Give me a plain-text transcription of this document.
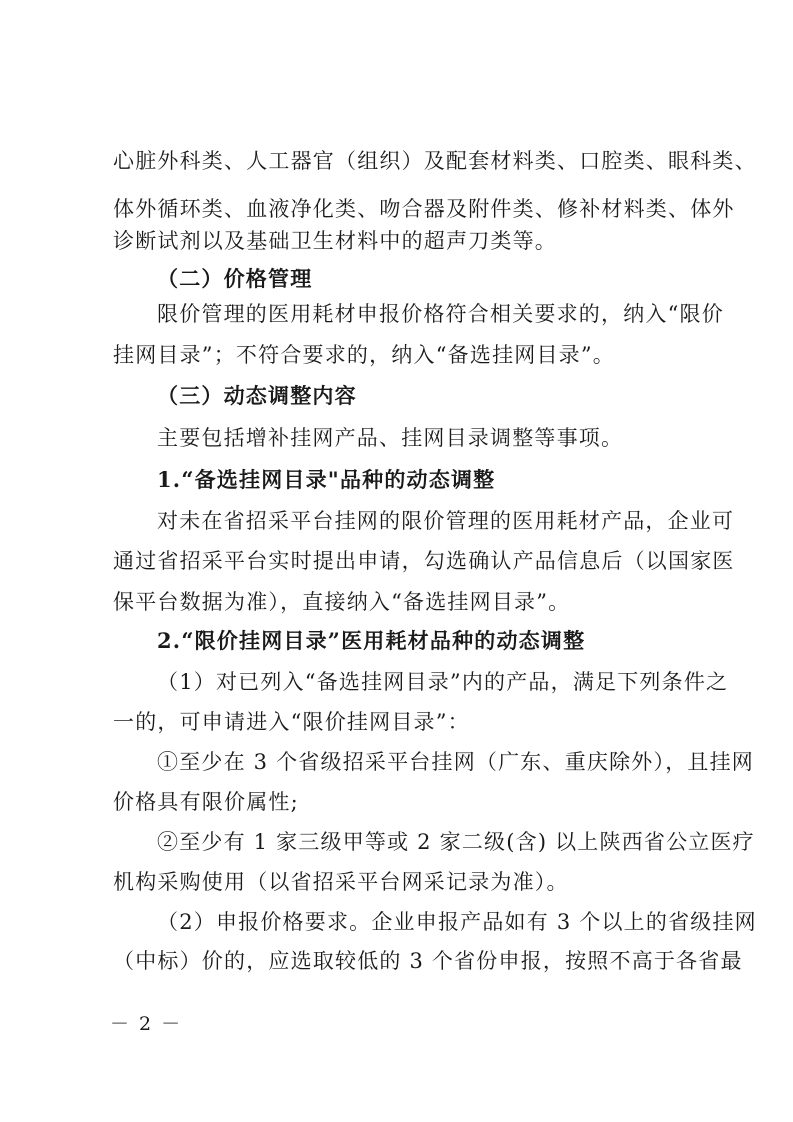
心脏外科类、人工器官（组织）及配套材料类、口腔类、眼科类、
体外循环类、血液净化类、吻合器及附件类、修补材料类、体外
诊断试剂以及基础卫生材料中的超声刀类等。
（二）价格管理
限价管理的医用耗材申报价格符合相关要求的，纳入“限价
挂网目录”；不符合要求的，纳入“备选挂网目录”。
（三）动态调整内容
主要包括增补挂网产品、挂网目录调整等事项。
1.“备选挂网目录"品种的动态调整
对未在省招采平台挂网的限价管理的医用耗材产品，企业可
通过省招采平台实时提出申请，勾选确认产品信息后（以国家医
保平台数据为准），直接纳入“备选挂网目录”。
2.“限价挂网目录”医用耗材品种的动态调整
（1）对已列入“备选挂网目录”内的产品，满足下列条件之
一的，可申请进入“限价挂网目录”：
①至少在 3 个省级招采平台挂网（广东、重庆除外），且挂网
价格具有限价属性;
②至少有 1 家三级甲等或 2 家二级(含) 以上陕西省公立医疗
机构采购使用（以省招采平台网采记录为准）。
（2）申报价格要求。企业申报产品如有 3 个以上的省级挂网
（中标）价的，应选取较低的 3 个省份申报，按照不高于各省最
－ 2 －
